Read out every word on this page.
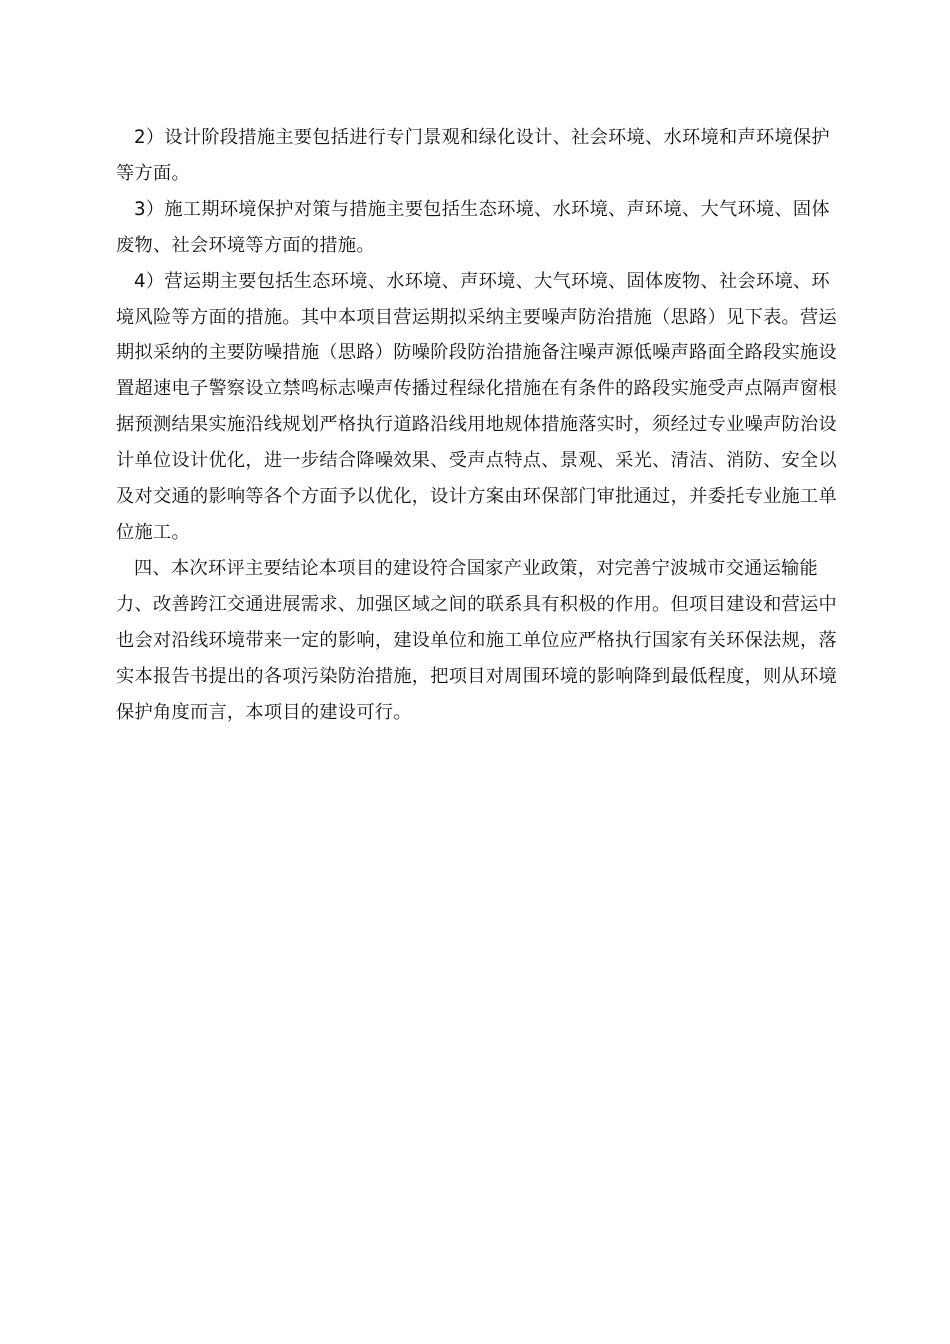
2）设计阶段措施主要包括进行专门景观和绿化设计、社会环境、水环境和声环境保护等方面。

3）施工期环境保护对策与措施主要包括生态环境、水环境、声环境、大气环境、固体废物、社会环境等方面的措施。

4）营运期主要包括生态环境、水环境、声环境、大气环境、固体废物、社会环境、环境风险等方面的措施。其中本项目营运期拟采纳主要噪声防治措施（思路）见下表。营运期拟采纳的主要防噪措施（思路）防噪阶段防治措施备注噪声源低噪声路面全路段实施设置超速电子警察设立禁鸣标志噪声传播过程绿化措施在有条件的路段实施受声点隔声窗根据预测结果实施沿线规划严格执行道路沿线用地规体措施落实时，须经过专业噪声防治设计单位设计优化，进一步结合降噪效果、受声点特点、景观、采光、清洁、消防、安全以及对交通的影响等各个方面予以优化，设计方案由环保部门审批通过，并委托专业施工单位施工。

四、本次环评主要结论本项目的建设符合国家产业政策，对完善宁波城市交通运输能力、改善跨江交通进展需求、加强区域之间的联系具有积极的作用。但项目建设和营运中也会对沿线环境带来一定的影响，建设单位和施工单位应严格执行国家有关环保法规，落实本报告书提出的各项污染防治措施，把项目对周围环境的影响降到最低程度，则从环境保护角度而言，本项目的建设可行。
